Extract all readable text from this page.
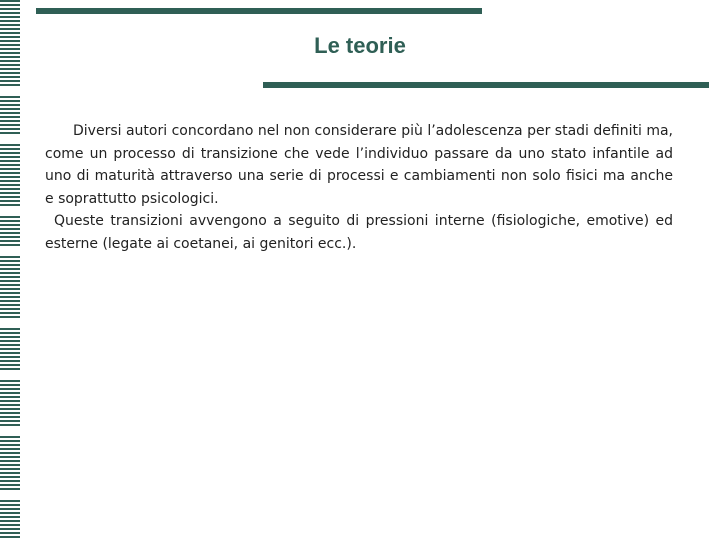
Le teorie

Diversi autori concordano nel non considerare più l’adolescenza per stadi definiti ma, come un processo di transizione che vede l’individuo passare da uno stato infantile ad uno di maturità attraverso una serie di processi e cambiamenti non solo fisici ma anche e soprattutto psicologici.

Queste transizioni avvengono a seguito di pressioni interne (fisiologiche, emotive) ed esterne (legate ai coetanei, ai genitori ecc.).
